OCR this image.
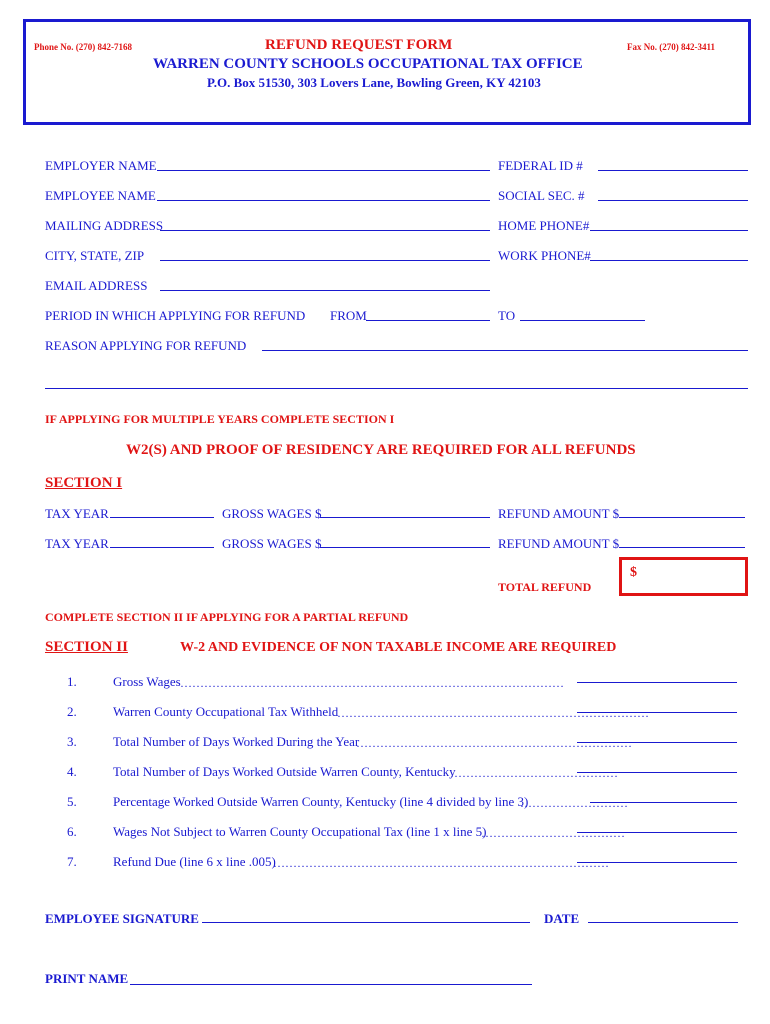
Phone No. (270) 842-7168	REFUND REQUEST FORM	Fax No. (270) 842-3411
WARREN COUNTY SCHOOLS OCCUPATIONAL TAX OFFICE
P.O. Box 51530, 303 Lovers Lane, Bowling Green, KY 42103
EMPLOYER NAME	FEDERAL ID #
EMPLOYEE NAME	SOCIAL SEC. #
MAILING ADDRESS	HOME PHONE#
CITY, STATE, ZIP	WORK PHONE#
EMAIL ADDRESS
PERIOD IN WHICH APPLYING FOR REFUND FROM	TO
REASON APPLYING FOR REFUND
IF APPLYING FOR MULTIPLE YEARS COMPLETE SECTION I
W2(S) AND PROOF OF RESIDENCY ARE REQUIRED FOR ALL REFUNDS
SECTION I
TAX YEAR	GROSS WAGES $	REFUND AMOUNT $
TAX YEAR	GROSS WAGES $	REFUND AMOUNT $
$
TOTAL REFUND
COMPLETE SECTION II IF APPLYING FOR A PARTIAL REFUND
SECTION II	W-2 AND EVIDENCE OF NON TAXABLE INCOME ARE REQUIRED
1.	Gross Wages ……………………………………………………………………………………
2.	Warren County Occupational Tax Withheld
……………………………………………………………………
3.	Total Number of Days Worked During the Year
……………………………………………………………
4.	Total Number of Days Worked Outside Warren County, Kentucky
……………………………………
5.	Percentage Worked Outside Warren County, Kentucky (line 4 divided by line 3)
………………………
6.	Wages Not Subject to Warren County Occupational Tax (line 1 x line 5)
………………………………
7.	Refund Due (line 6 x line .005)
…………………………………………………………………………
EMPLOYEE SIGNATURE	DATE
PRINT NAME
